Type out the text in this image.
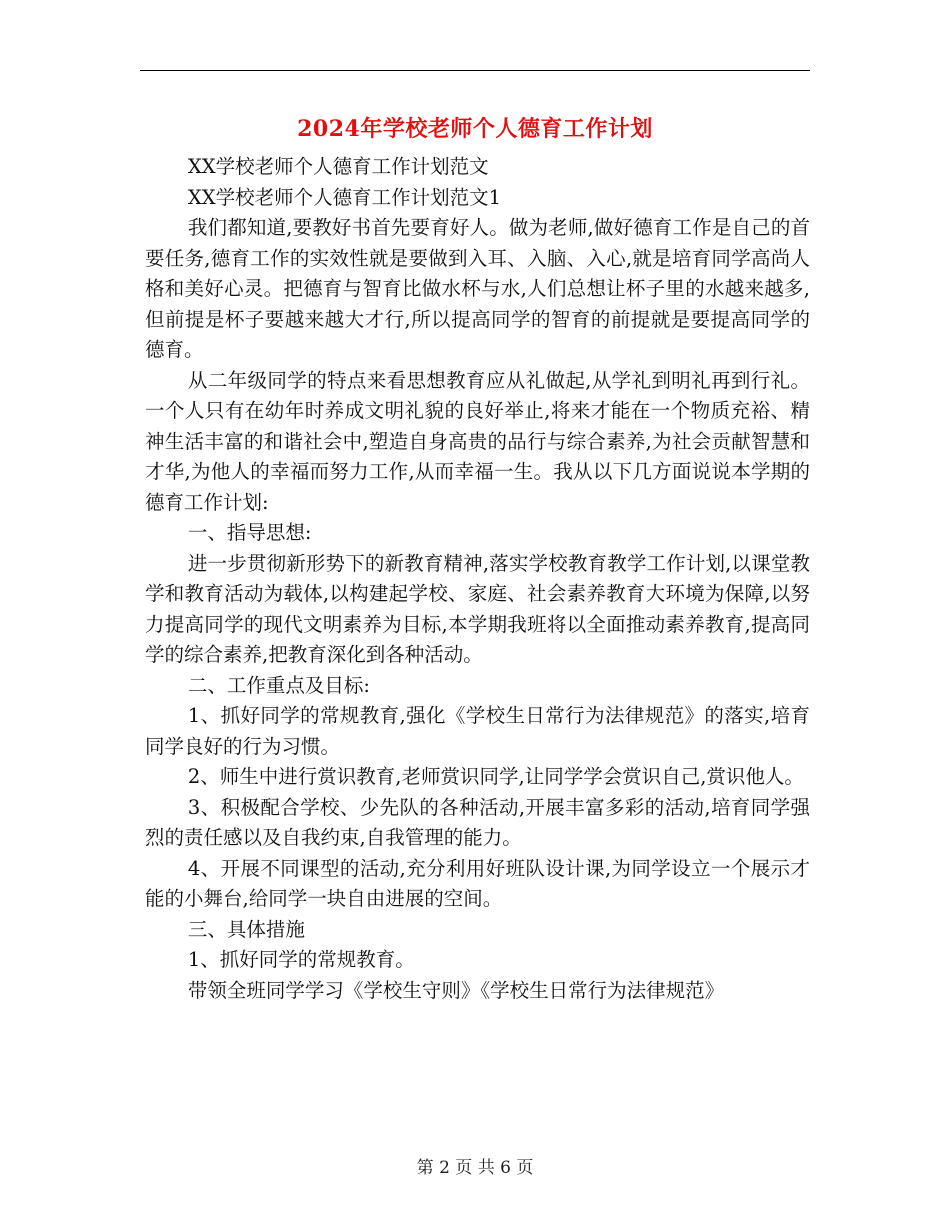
2024年学校老师个人德育工作计划

XX学校老师个人德育工作计划范文

XX学校老师个人德育工作计划范文1

我们都知道,要教好书首先要育好人。做为老师,做好德育工作是自己的首要任务,德育工作的实效性就是要做到入耳、入脑、入心,就是培育同学高尚人格和美好心灵。把德育与智育比做水杯与水,人们总想让杯子里的水越来越多,但前提是杯子要越来越大才行,所以提高同学的智育的前提就是要提高同学的德育。

从二年级同学的特点来看思想教育应从礼做起,从学礼到明礼再到行礼。一个人只有在幼年时养成文明礼貌的良好举止,将来才能在一个物质充裕、精神生活丰富的和谐社会中,塑造自身高贵的品行与综合素养,为社会贡献智慧和才华,为他人的幸福而努力工作,从而幸福一生。我从以下几方面说说本学期的德育工作计划:

一、指导思想:

进一步贯彻新形势下的新教育精神,落实学校教育教学工作计划,以课堂教学和教育活动为载体,以构建起学校、家庭、社会素养教育大环境为保障,以努力提高同学的现代文明素养为目标,本学期我班将以全面推动素养教育,提高同学的综合素养,把教育深化到各种活动。

二、工作重点及目标:

1、抓好同学的常规教育,强化《学校生日常行为法律规范》的落实,培育同学良好的行为习惯。

2、师生中进行赏识教育,老师赏识同学,让同学学会赏识自己,赏识他人。

3、积极配合学校、少先队的各种活动,开展丰富多彩的活动,培育同学强烈的责任感以及自我约束,自我管理的能力。

4、开展不同课型的活动,充分利用好班队设计课,为同学设立一个展示才能的小舞台,给同学一块自由进展的空间。

三、具体措施

1、抓好同学的常规教育。

带领全班同学学习《学校生守则》《学校生日常行为法律规范》

第 2 页 共 6 页
